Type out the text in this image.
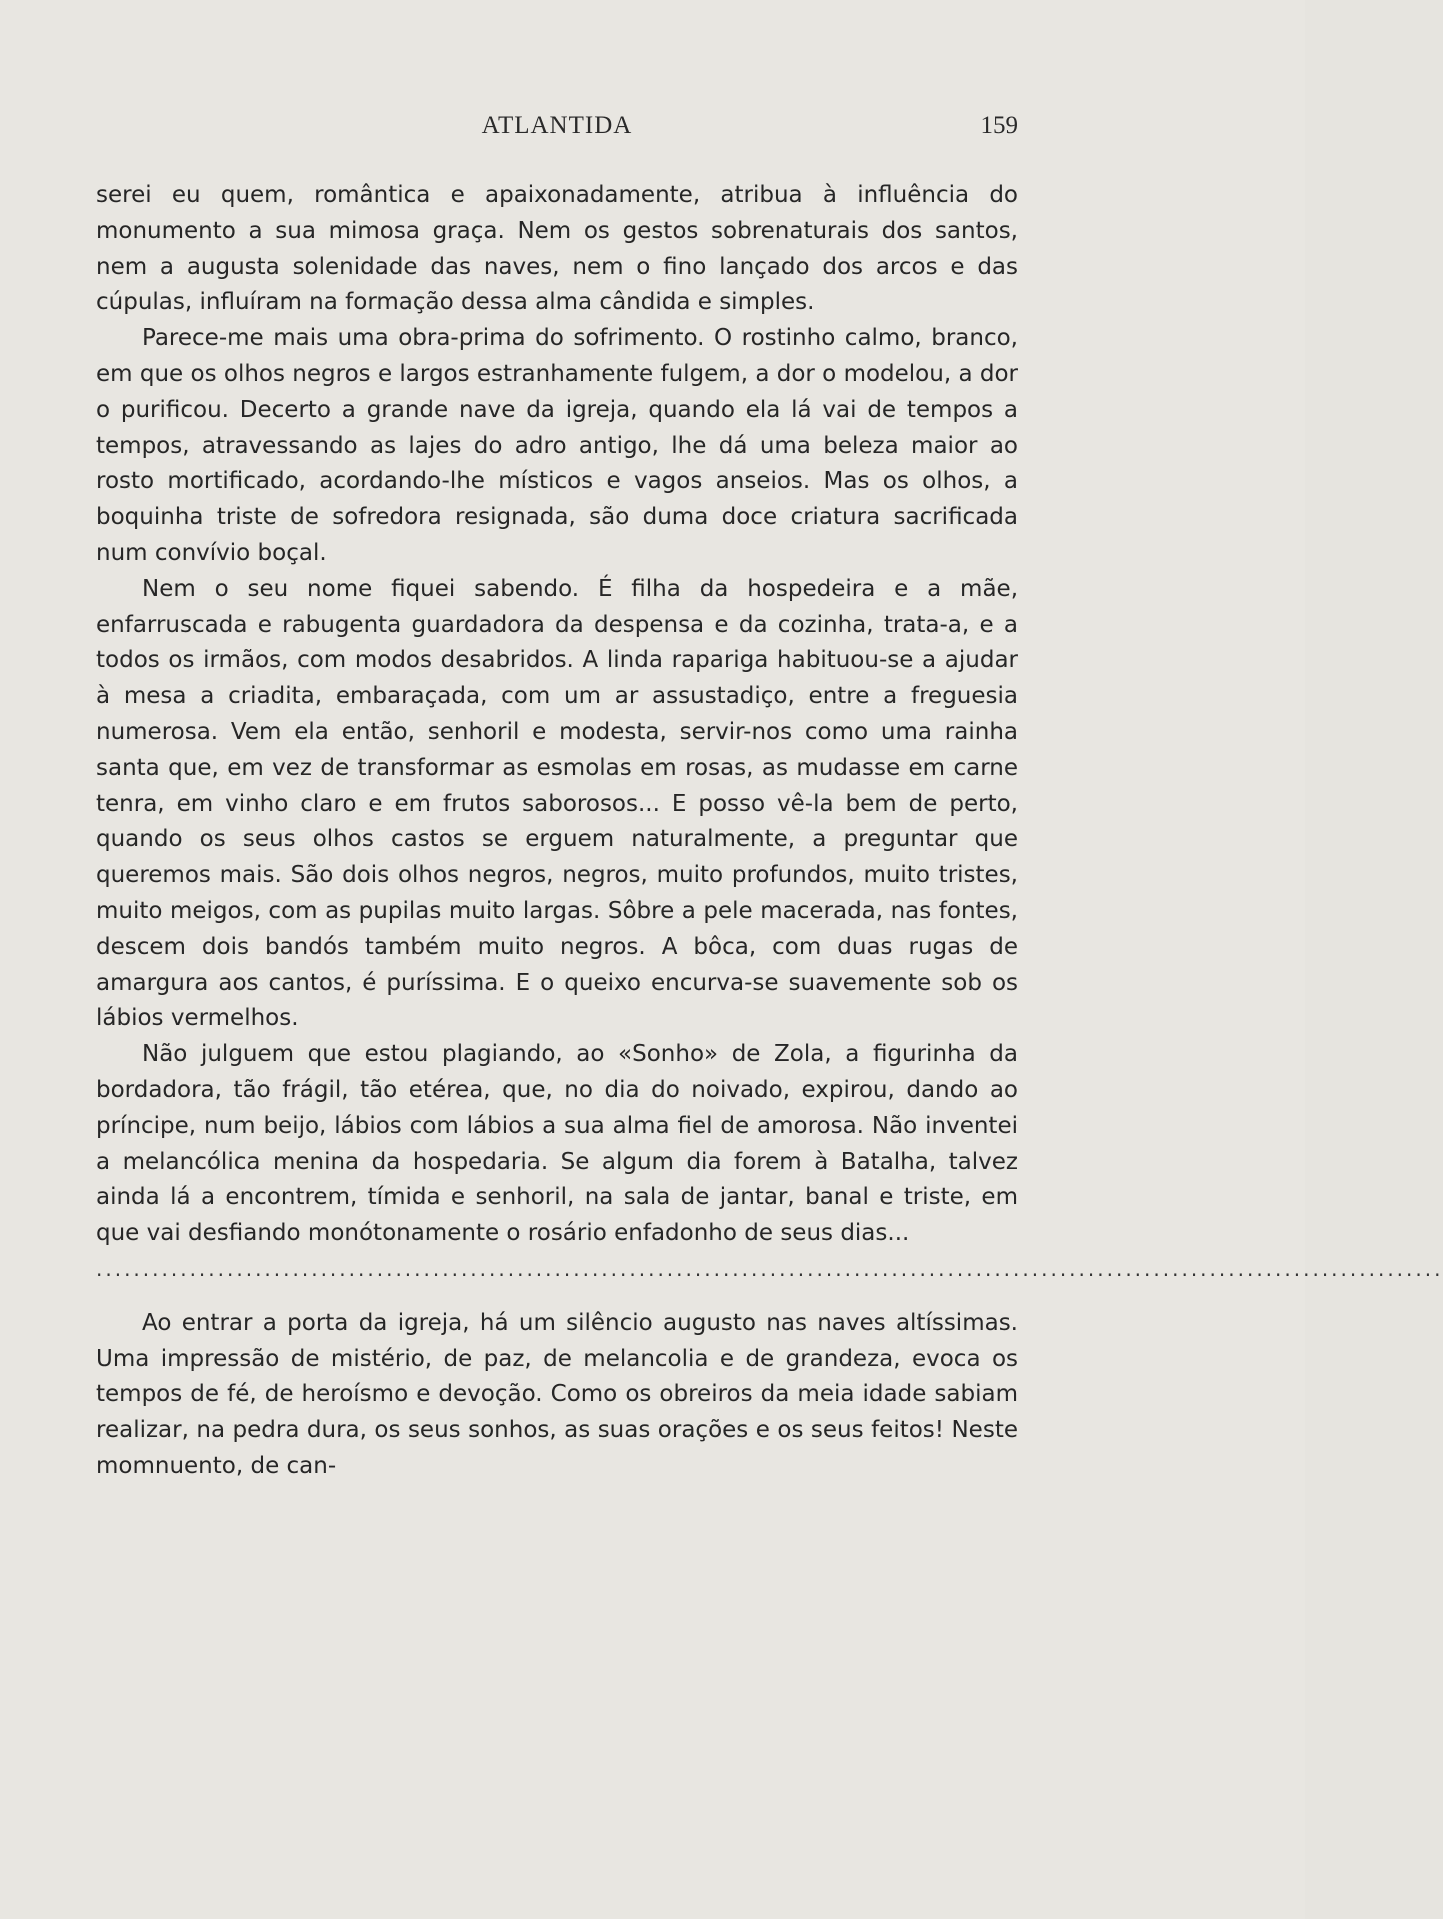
ATLANTIDA	159

serei eu quem, romântica e apaixonadamente, atribua à influência do monumento a sua mimosa graça. Nem os gestos sobrenaturais dos santos, nem a augusta solenidade das naves, nem o fino lançado dos arcos e das cúpulas, influíram na formação dessa alma cândida e simples.

Parece-me mais uma obra-prima do sofrimento. O rostinho calmo, branco, em que os olhos negros e largos estranhamente fulgem, a dor o modelou, a dor o purificou. Decerto a grande nave da igreja, quando ela lá vai de tempos a tempos, atravessando as lajes do adro antigo, lhe dá uma beleza maior ao rosto mortificado, acordando-lhe místicos e vagos anseios. Mas os olhos, a boquinha triste de sofredora resignada, são duma doce criatura sacrificada num convívio boçal.

Nem o seu nome fiquei sabendo. É filha da hospedeira e a mãe, enfarruscada e rabugenta guardadora da despensa e da cozinha, trata-a, e a todos os irmãos, com modos desabridos. A linda rapariga habituou-se a ajudar à mesa a criadita, embaraçada, com um ar assustadiço, entre a freguesia numerosa. Vem ela então, senhoril e modesta, servir-nos como uma rainha santa que, em vez de transformar as esmolas em rosas, as mudasse em carne tenra, em vinho claro e em frutos saborosos... E posso vê-la bem de perto, quando os seus olhos castos se erguem naturalmente, a preguntar que queremos mais. São dois olhos negros, negros, muito profundos, muito tristes, muito meigos, com as pupilas muito largas. Sôbre a pele macerada, nas fontes, descem dois bandós também muito negros. A bôca, com duas rugas de amargura aos cantos, é puríssima. E o queixo encurva-se suavemente sob os lábios vermelhos.

Não julguem que estou plagiando, ao «Sonho» de Zola, a figurinha da bordadora, tão frágil, tão etérea, que, no dia do noivado, expirou, dando ao príncipe, num beijo, lábios com lábios a sua alma fiel de amorosa. Não inventei a melancólica menina da hospedaria. Se algum dia forem à Batalha, talvez ainda lá a encontrem, tímida e senhoril, na sala de jantar, banal e triste, em que vai desfiando monótonamente o rosário enfadonho de seus dias...

................................................................................................................................................

Ao entrar a porta da igreja, há um silêncio augusto nas naves altíssimas. Uma impressão de mistério, de paz, de melancolia e de grandeza, evoca os tempos de fé, de heroísmo e devoção. Como os obreiros da meia idade sabiam realizar, na pedra dura, os seus sonhos, as suas orações e os seus feitos! Neste momnuento, de can-
